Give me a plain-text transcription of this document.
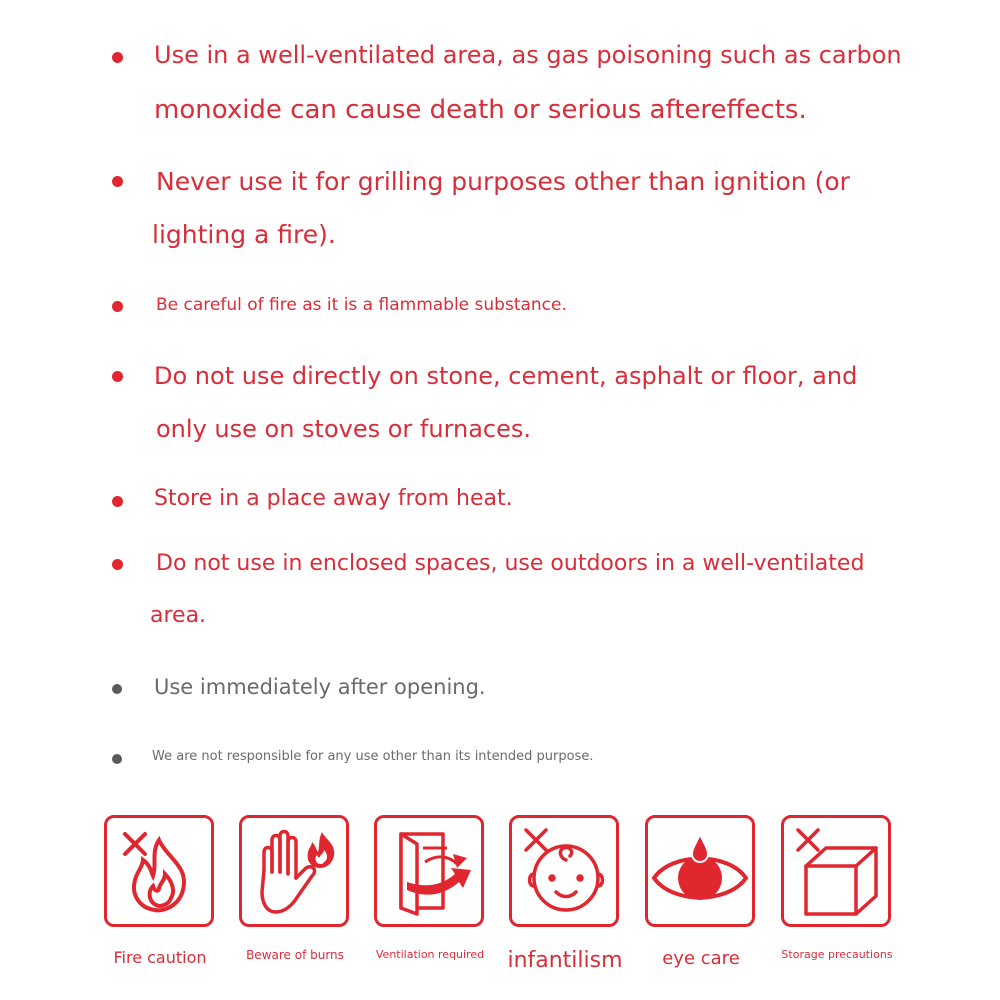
Use in a well-ventilated area, as gas poisoning such as carbon
monoxide can cause death or serious aftereffects.
Never use it for grilling purposes other than ignition (or
lighting a fire).
Be careful of fire as it is a flammable substance.
Do not use directly on stone, cement, asphalt or floor, and
only use on stoves or furnaces.
Store in a place away from heat.
Do not use in enclosed spaces, use outdoors in a well-ventilated
area.
Use immediately after opening.
We are not responsible for any use other than its intended purpose.
Fire caution	Beware of burns	Ventilation required	infantilism	eye care	Storage precautions
